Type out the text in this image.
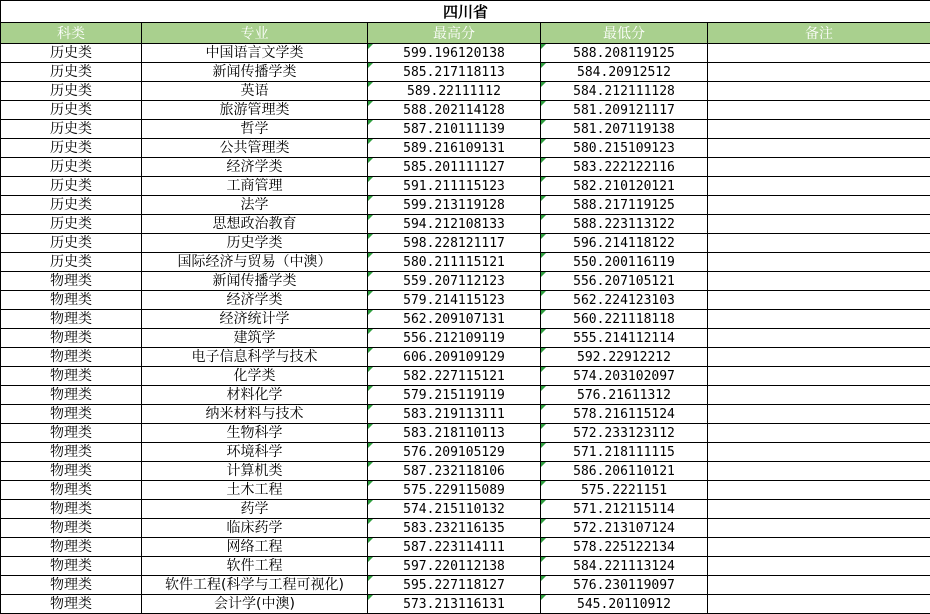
四川省				
科类	专业	最高分	最低分	备注
历史类	中国语言文学类	599.196120138	588.208119125	
历史类	新闻传播学类	585.217118113	584.20912512	
历史类	英语	589.22111112	584.212111128	
历史类	旅游管理类	588.202114128	581.209121117	
历史类	哲学	587.210111139	581.207119138	
历史类	公共管理类	589.216109131	580.215109123	
历史类	经济学类	585.201111127	583.222122116	
历史类	工商管理	591.211115123	582.210120121	
历史类	法学	599.213119128	588.217119125	
历史类	思想政治教育	594.212108133	588.223113122	
历史类	历史学类	598.228121117	596.214118122	
历史类	国际经济与贸易（中澳）	580.211115121	550.200116119	
物理类	新闻传播学类	559.207112123	556.207105121	
物理类	经济学类	579.214115123	562.224123103	
物理类	经济统计学	562.209107131	560.221118118	
物理类	建筑学	556.212109119	555.214112114	
物理类	电子信息科学与技术	606.209109129	592.22912212	
物理类	化学类	582.227115121	574.203102097	
物理类	材料化学	579.215119119	576.21611312	
物理类	纳米材料与技术	583.219113111	578.216115124	
物理类	生物科学	583.218110113	572.233123112	
物理类	环境科学	576.209105129	571.218111115	
物理类	计算机类	587.232118106	586.206110121	
物理类	土木工程	575.229115089	575.2221151	
物理类	药学	574.215110132	571.212115114	
物理类	临床药学	583.232116135	572.213107124	
物理类	网络工程	587.223114111	578.225122134	
物理类	软件工程	597.220112138	584.221113124	
物理类	软件工程(科学与工程可视化)	595.227118127	576.230119097	
物理类	会计学(中澳)	573.213116131	545.20110912	
